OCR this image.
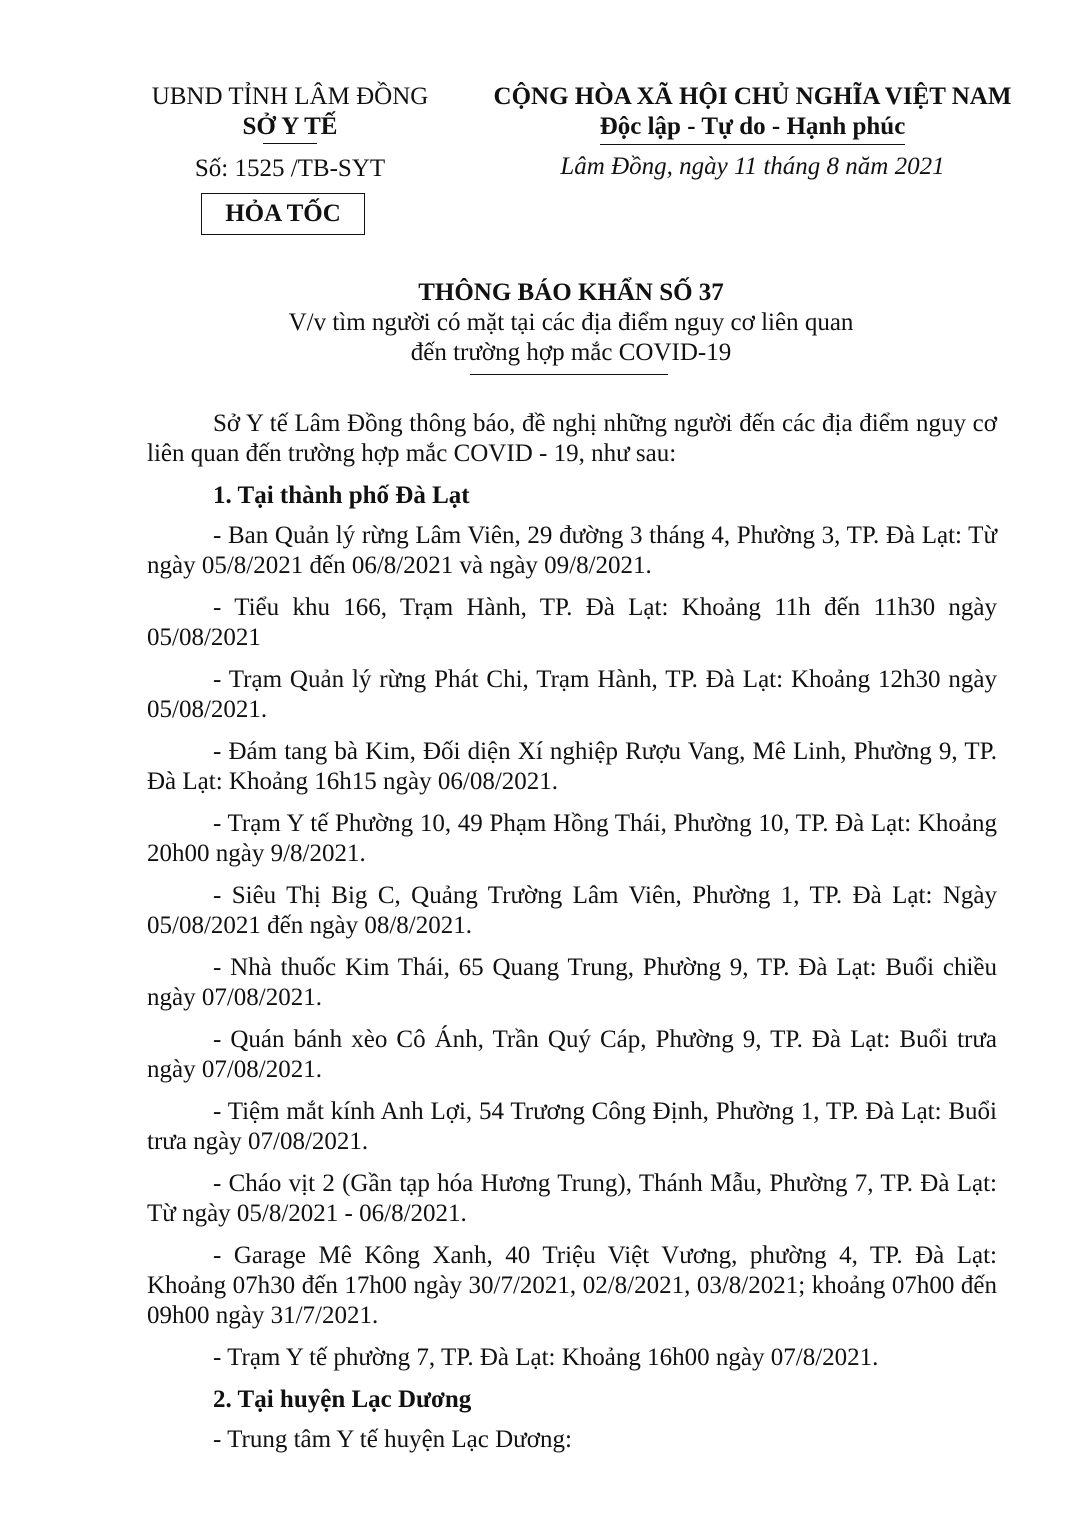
UBND TỈNH LÂM ĐỒNG
SỞ Y TẾ
Số: 1525 /TB-SYT
HỎA TỐC
CỘNG HÒA XÃ HỘI CHỦ NGHĨA VIỆT NAM
Độc lập - Tự do - Hạnh phúc
Lâm Đồng, ngày 11 tháng 8 năm 2021
THÔNG BÁO KHẨN SỐ 37
V/v tìm người có mặt tại các địa điểm nguy cơ liên quan
đến trường hợp mắc COVID-19

Sở Y tế Lâm Đồng thông báo, đề nghị những người đến các địa điểm nguy cơ liên quan đến trường hợp mắc COVID - 19, như sau:

1. Tại thành phố Đà Lạt

- Ban Quản lý rừng Lâm Viên, 29 đường 3 tháng 4, Phường 3, TP. Đà Lạt: Từ ngày 05/8/2021 đến 06/8/2021 và ngày 09/8/2021.

- Tiểu khu 166, Trạm Hành, TP. Đà Lạt: Khoảng 11h đến 11h30 ngày 05/08/2021

- Trạm Quản lý rừng Phát Chi, Trạm Hành, TP. Đà Lạt: Khoảng 12h30 ngày 05/08/2021.

- Đám tang bà Kim, Đối diện Xí nghiệp Rượu Vang, Mê Linh, Phường 9, TP. Đà Lạt: Khoảng 16h15 ngày 06/08/2021.

- Trạm Y tế Phường 10, 49 Phạm Hồng Thái, Phường 10, TP. Đà Lạt: Khoảng 20h00 ngày 9/8/2021.

- Siêu Thị Big C, Quảng Trường Lâm Viên, Phường 1, TP. Đà Lạt: Ngày 05/08/2021 đến ngày 08/8/2021.

- Nhà thuốc Kim Thái, 65 Quang Trung, Phường 9, TP. Đà Lạt: Buổi chiều ngày 07/08/2021.

- Quán bánh xèo Cô Ánh, Trần Quý Cáp, Phường 9, TP. Đà Lạt: Buổi trưa ngày 07/08/2021.

- Tiệm mắt kính Anh Lợi, 54 Trương Công Định, Phường 1, TP. Đà Lạt: Buổi trưa ngày 07/08/2021.

- Cháo vịt 2 (Gần tạp hóa Hương Trung), Thánh Mẫu, Phường 7, TP. Đà Lạt: Từ ngày 05/8/2021 - 06/8/2021.

- Garage Mê Kông Xanh, 40 Triệu Việt Vương, phường 4, TP. Đà Lạt: Khoảng 07h30 đến 17h00 ngày 30/7/2021, 02/8/2021, 03/8/2021; khoảng 07h00 đến 09h00 ngày 31/7/2021.

- Trạm Y tế phường 7, TP. Đà Lạt: Khoảng 16h00 ngày 07/8/2021.

2. Tại huyện Lạc Dương

- Trung tâm Y tế huyện Lạc Dương:
